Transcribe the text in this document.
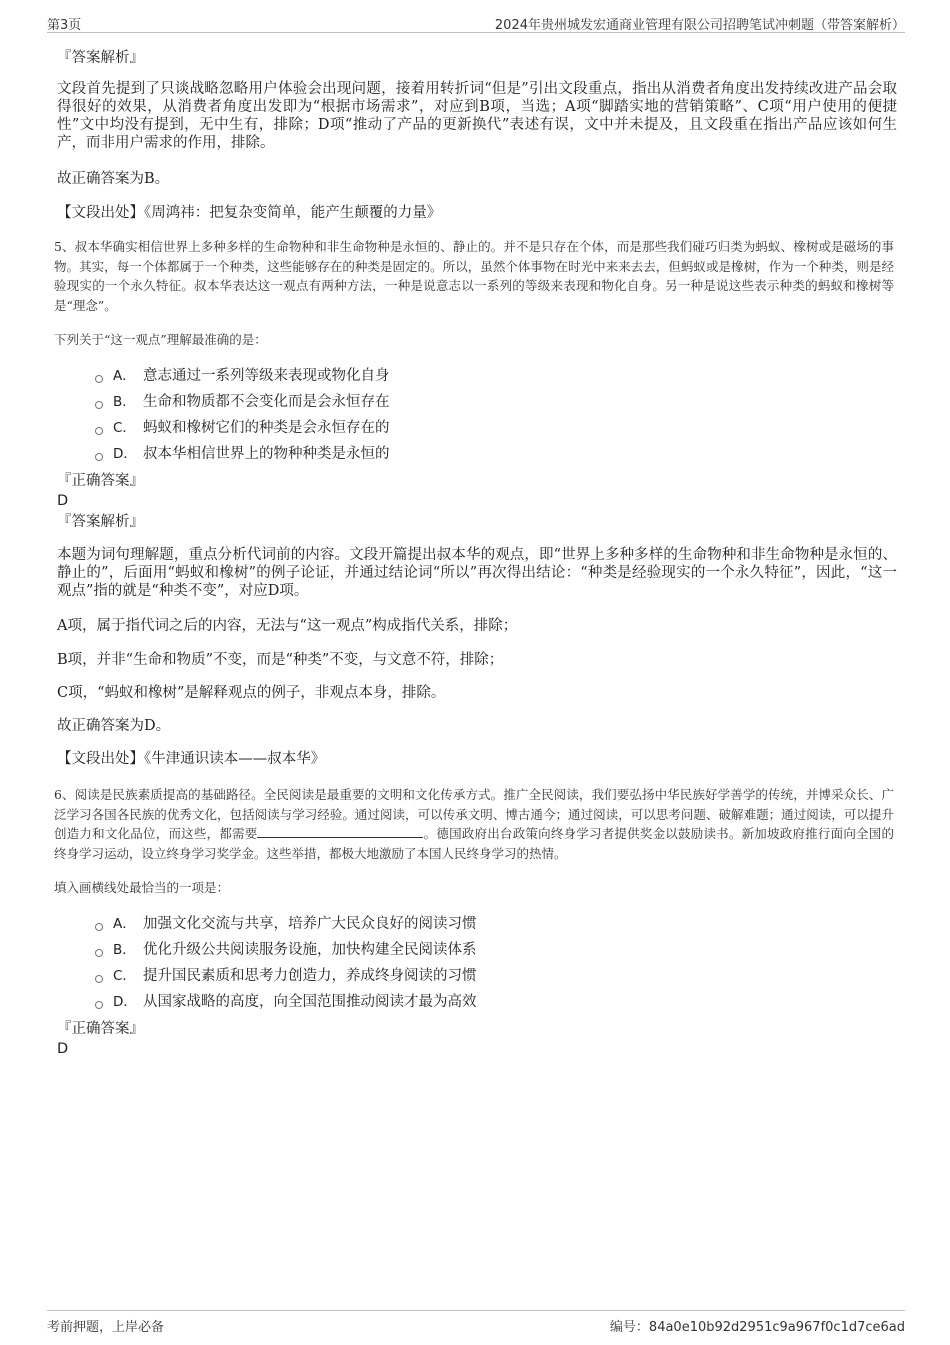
第3页	2024年贵州城发宏通商业管理有限公司招聘笔试冲刺题（带答案解析）
『答案解析』
文段首先提到了只谈战略忽略用户体验会出现问题，接着用转折词“但是”引出文段重点，指出从消费者角度出发持续改进产品会取得很好的效果，从消费者角度出发即为“根据市场需求”，对应到B项，当选；A项“脚踏实地的营销策略”、C项“用户使用的便捷性”文中均没有提到，无中生有，排除；D项“推动了产品的更新换代”表述有误，文中并未提及，且文段重在指出产品应该如何生产，而非用户需求的作用，排除。
故正确答案为B。
【文段出处】《周鸿祎：把复杂变简单，能产生颠覆的力量》
5、叔本华确实相信世界上多种多样的生命物种和非生命物种是永恒的、静止的。并不是只存在个体，而是那些我们碰巧归类为蚂蚁、橡树或是磁场的事物。其实，每一个体都属于一个种类，这些能够存在的种类是固定的。所以，虽然个体事物在时光中来来去去，但蚂蚁或是橡树，作为一个种类，则是经验现实的一个永久特征。叔本华表达这一观点有两种方法，一种是说意志以一系列的等级来表现和物化自身。另一种是说这些表示种类的蚂蚁和橡树等是“理念”。
下列关于“这一观点”理解最准确的是：
A． 意志通过一系列等级来表现或物化自身
B． 生命和物质都不会变化而是会永恒存在
C． 蚂蚁和橡树它们的种类是会永恒存在的
D． 叔本华相信世界上的物种种类是永恒的
『正确答案』
D
『答案解析』
本题为词句理解题，重点分析代词前的内容。文段开篇提出叔本华的观点，即“世界上多种多样的生命物种和非生命物种是永恒的、静止的”，后面用“蚂蚁和橡树”的例子论证，并通过结论词“所以”再次得出结论：“种类是经验现实的一个永久特征”，因此，“这一观点”指的就是“种类不变”，对应D项。
A项，属于指代词之后的内容，无法与“这一观点”构成指代关系，排除；
B项，并非“生命和物质”不变，而是“种类”不变，与文意不符，排除；
C项，“蚂蚁和橡树”是解释观点的例子，非观点本身，排除。
故正确答案为D。
【文段出处】《牛津通识读本——叔本华》
6、阅读是民族素质提高的基础路径。全民阅读是最重要的文明和文化传承方式。推广全民阅读，我们要弘扬中华民族好学善学的传统，并博采众长、广泛学习各国各民族的优秀文化，包括阅读与学习经验。通过阅读，可以传承文明、博古通今；通过阅读，可以思考问题、破解难题；通过阅读，可以提升创造力和文化品位，而这些，都需要	。德国政府出台政策向终身学习者提供奖金以鼓励读书。新加坡政府推行面向全国的终身学习运动，设立终身学习奖学金。这些举措，都极大地激励了本国人民终身学习的热情。
填入画横线处最恰当的一项是：
A． 加强文化交流与共享，培养广大民众良好的阅读习惯
B． 优化升级公共阅读服务设施，加快构建全民阅读体系
C． 提升国民素质和思考力创造力，养成终身阅读的习惯
D． 从国家战略的高度，向全国范围推动阅读才最为高效
『正确答案』
D
考前押题，上岸必备	编号：84a0e10b92d2951c9a967f0c1d7ce6ad
